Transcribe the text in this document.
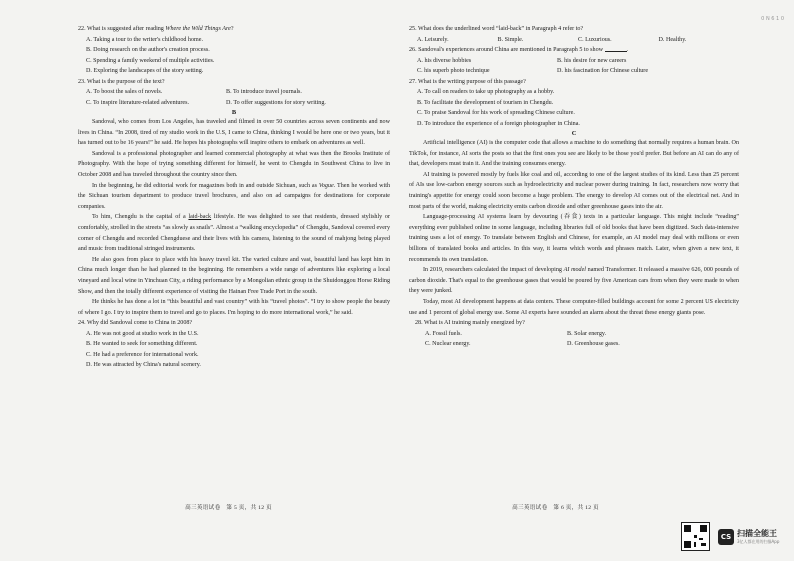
22. What is suggested after reading Where the Wild Things Are?

A. Taking a tour to the writer's childhood home.

B. Doing research on the author's creation process.

C. Spending a family weekend of multiple activities.

D. Exploring the landscapes of the story setting.

23. What is the purpose of the text?

A. To boost the sales of novels.	B. To introduce travel journals.
C. To inspire literature-related adventures.	D. To offer suggestions for story writing.

B

Sandoval, who comes from Los Angeles, has traveled and filmed in over 50 countries across seven continents and now lives in China. “In 2008, tired of my studio work in the U.S, I came to China, thinking I would be here one or two years, but it has turned out to be 16 years!” he said. He hopes his photographs will inspire others to embark on adventures as well.

Sandoval is a professional photographer and learned commercial photography at what was then the Brooks Institute of Photography. With the hope of trying something different for himself, he went to Chengdu in Southwest China to live in October 2008 and has traveled throughout the country since then.

In the beginning, he did editorial work for magazines both in and outside Sichuan, such as Vogue. Then he worked with the Sichuan tourism department to produce travel brochures, and also on ad campaigns for destinations for corporate companies.

To him, Chengdu is the capital of a laid-back lifestyle. He was delighted to see that residents, dressed stylishly or comfortably, strolled in the streets “as slowly as snails”. Almost a “walking encyclopedia” of Chengdu, Sandoval covered every corner of Chengdu and recorded Chengduese and their lives with his camera, listening to the sound of mahjong being played and music from traditional stringed instruments.

He also goes from place to place with his heavy travel kit. The varied culture and vast, beautiful land has kept him in China much longer than he had planned in the beginning. He remembers a wide range of adventures like exploring a local vineyard and local wine in Yinchuan City, a riding performance by a Mongolian ethnic group in the Shuidonggou Horse Riding Show, and then the totally different experience of visiting the Hainan Free Trade Port in the south.

He thinks he has done a lot in “this beautiful and vast country” with his “travel photos”. “I try to show people the beauty of where I go. I try to inspire them to travel and go to places. I'm hoping to do more international work,” he said.

24. Why did Sandoval come to China in 2008?

A. He was not good at studio work in the U.S.

B. He wanted to seek for something different.

C. He had a preference for international work.

D. He was attracted by China's natural scenery.

高三英语试卷　第 5 页，共 12 页
0 N 6 1 0

25. What does the underlined word “laid-back” in Paragraph 4 refer to?

A. Leisurely.	B. Simple.	C. Luxurious.	D. Healthy.

26. Sandoval's experiences around China are mentioned in Paragraph 5 to show	.

A. his diverse hobbies	B. his desire for new careers
C. his superb photo technique	D. his fascination for Chinese culture

27. What is the writing purpose of this passage?

A. To call on readers to take up photography as a hobby.

B. To facilitate the development of tourism in Chengdu.

C. To praise Sandoval for his work of spreading Chinese culture.

D. To introduce the experience of a foreign photographer in China.

C

Artificial intelligence (AI) is the computer code that allows a machine to do something that normally requires a human brain. On TikTok, for instance, AI sorts the posts so that the first ones you see are likely to be those you'd prefer. But before an AI can do any of that, developers must train it. And the training consumes energy.

AI training is powered mostly by fuels like coal and oil, according to one of the largest studies of its kind. Less than 25 percent of AIs use low-carbon energy sources such as hydroelectricity and nuclear power during training. In fact, researchers now worry that training's appetite for energy could soon become a huge problem. The energy to develop AI comes out of the electrical net. And in most parts of the world, making electricity emits carbon dioxide and other greenhouse gases into the air.

Language-processing AI systems learn by devouring (吞食) texts in a particular language. This might include “reading” everything ever published online in some language, including libraries full of old books that have been digitized. Such data-intensive training uses a lot of energy. To translate between English and Chinese, for example, an AI model may deal with millions or even billions of translated books and articles. In this way, it learns which words and phrases match. Later, when given a new text, it recommends its own translation.

In 2019, researchers calculated the impact of developing AI model named Transformer. It released a massive 626, 000 pounds of carbon dioxide. That's equal to the greenhouse gases that would be poured by five American cars from when they were made to when they were junked.

Today, most AI development happens at data centers. These computer-filled buildings account for some 2 percent US electricity use and 1 percent of global energy use. Some AI experts have sounded an alarm about the threat these energy giants pose.

28. What is AI training mainly energized by?

A. Fossil fuels.	B. Solar energy.
C. Nuclear energy.	D. Greenhouse gases.
高三英语试卷　第 6 页，共 12 页
CS 扫描全能王
3亿人都在用的扫描App
